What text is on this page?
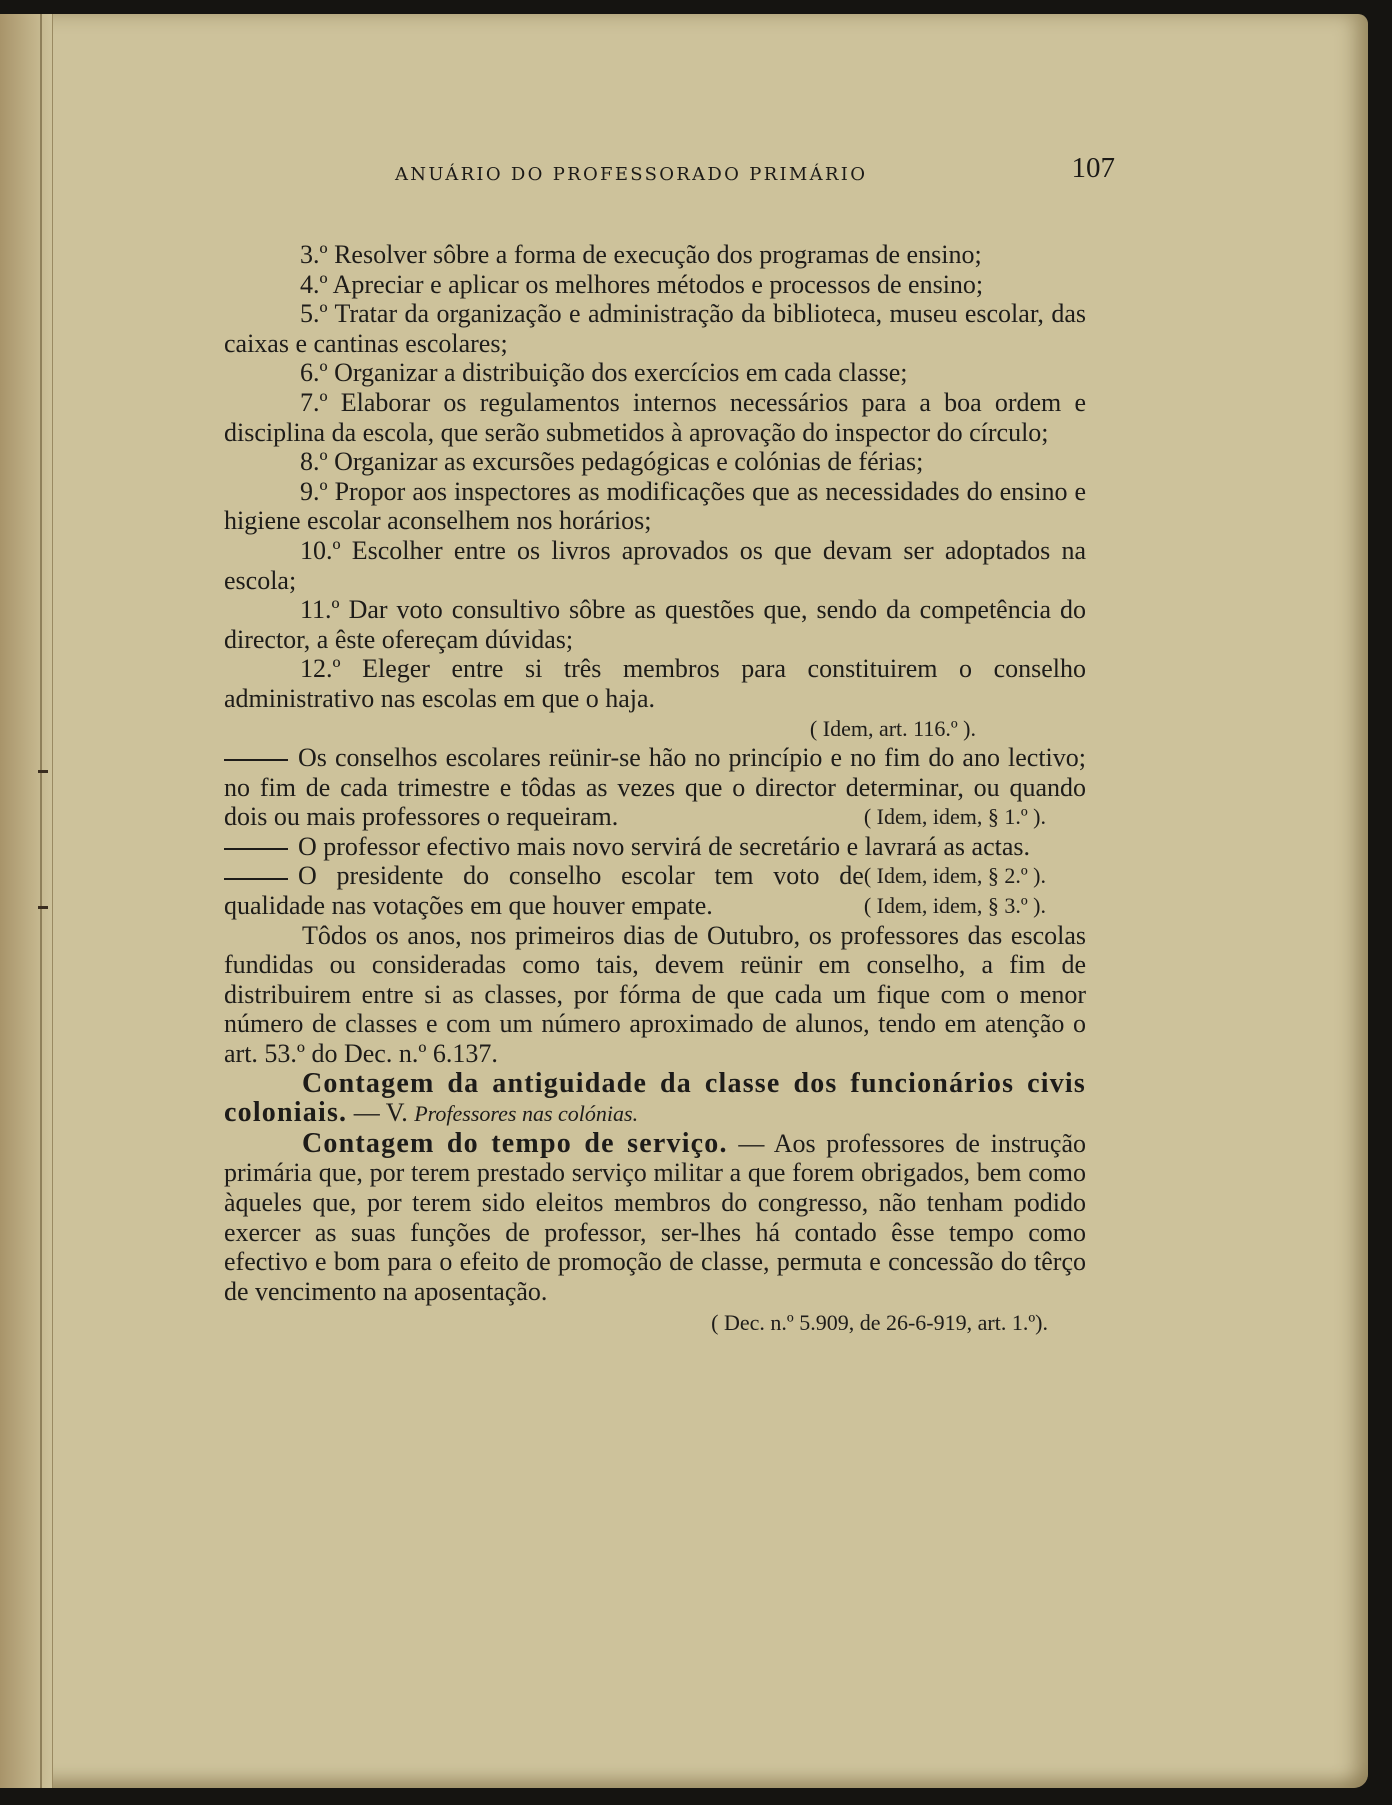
ANUÁRIO DO PROFESSORADO PRIMÁRIO	107

3.º Resolver sôbre a forma de execução dos programas de ensino;

4.º Apreciar e aplicar os melhores métodos e processos de ensino;

5.º Tratar da organização e administração da biblioteca, museu escolar, das caixas e cantinas escolares;

6.º Organizar a distribuição dos exercícios em cada classe;

7.º Elaborar os regulamentos internos necessários para a boa ordem e disciplina da escola, que serão submetidos à aprovação do inspector do círculo;

8.º Organizar as excursões pedagógicas e colónias de férias;

9.º Propor aos inspectores as modificações que as necessidades do ensino e higiene escolar aconselhem nos horários;

10.º Escolher entre os livros aprovados os que devam ser adoptados na escola;

11.º Dar voto consultivo sôbre as questões que, sendo da competência do director, a êste ofereçam dúvidas;

12.º Eleger entre si três membros para constituirem o conselho administrativo nas escolas em que o haja.

( Idem, art. 116.º ).

Os conselhos escolares reünir-se hão no princípio e no fim do ano lectivo; no fim de cada trimestre e tôdas as vezes que o director determinar, ou quando dois ou mais professores o requeiram.	( Idem, idem, § 1.º ).

O professor efectivo mais novo servirá de secretário e lavrará as actas.
( Idem, idem, § 2.º ).

O presidente do conselho escolar tem voto de qualidade nas votações em que houver empate.	( Idem, idem, § 3.º ).

Tôdos os anos, nos primeiros dias de Outubro, os professores das escolas fundidas ou consideradas como tais, devem reünir em conselho, a fim de distribuirem entre si as classes, por fórma de que cada um fique com o menor número de classes e com um número aproximado de alunos, tendo em atenção o art. 53.º do Dec. n.º 6.137.

Contagem da antiguidade da classe dos funcionários civis coloniais. — V. Professores nas colónias.

Contagem do tempo de serviço. — Aos professores de instrução primária que, por terem prestado serviço militar a que forem obrigados, bem como àqueles que, por terem sido eleitos membros do congresso, não tenham podido exercer as suas funções de professor, ser-lhes há contado êsse tempo como efectivo e bom para o efeito de promoção de classe, permuta e concessão do têrço de vencimento na aposentação.

( Dec. n.º 5.909, de 26-6-919, art. 1.º).
